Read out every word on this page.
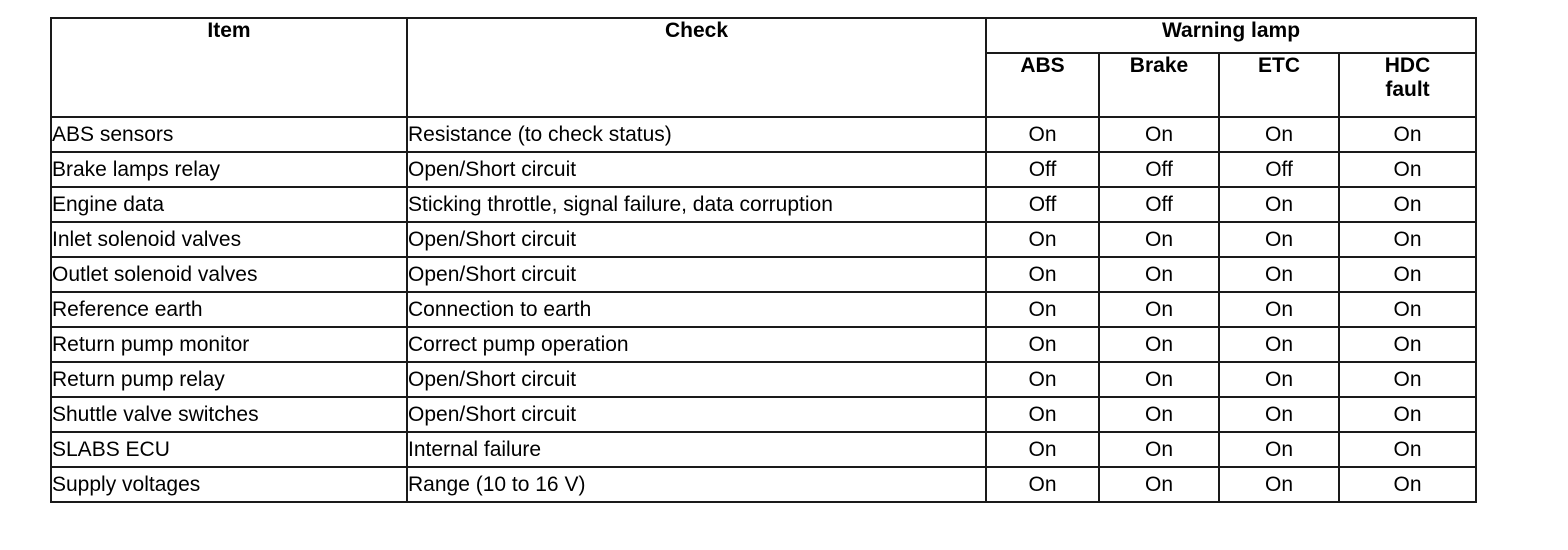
Item	Check	Warning lamp			
		ABS	Brake	ETC	HDC
fault

ABS sensors	Resistance (to check status)	On	On	On	On
Brake lamps relay	Open/Short circuit	Off	Off	Off	On
Engine data	Sticking throttle, signal failure, data corruption	Off	Off	On	On
Inlet solenoid valves	Open/Short circuit	On	On	On	On
Outlet solenoid valves	Open/Short circuit	On	On	On	On
Reference earth	Connection to earth	On	On	On	On
Return pump monitor	Correct pump operation	On	On	On	On
Return pump relay	Open/Short circuit	On	On	On	On
Shuttle valve switches	Open/Short circuit	On	On	On	On
SLABS ECU	Internal failure	On	On	On	On
Supply voltages	Range (10 to 16 V)	On	On	On	On
